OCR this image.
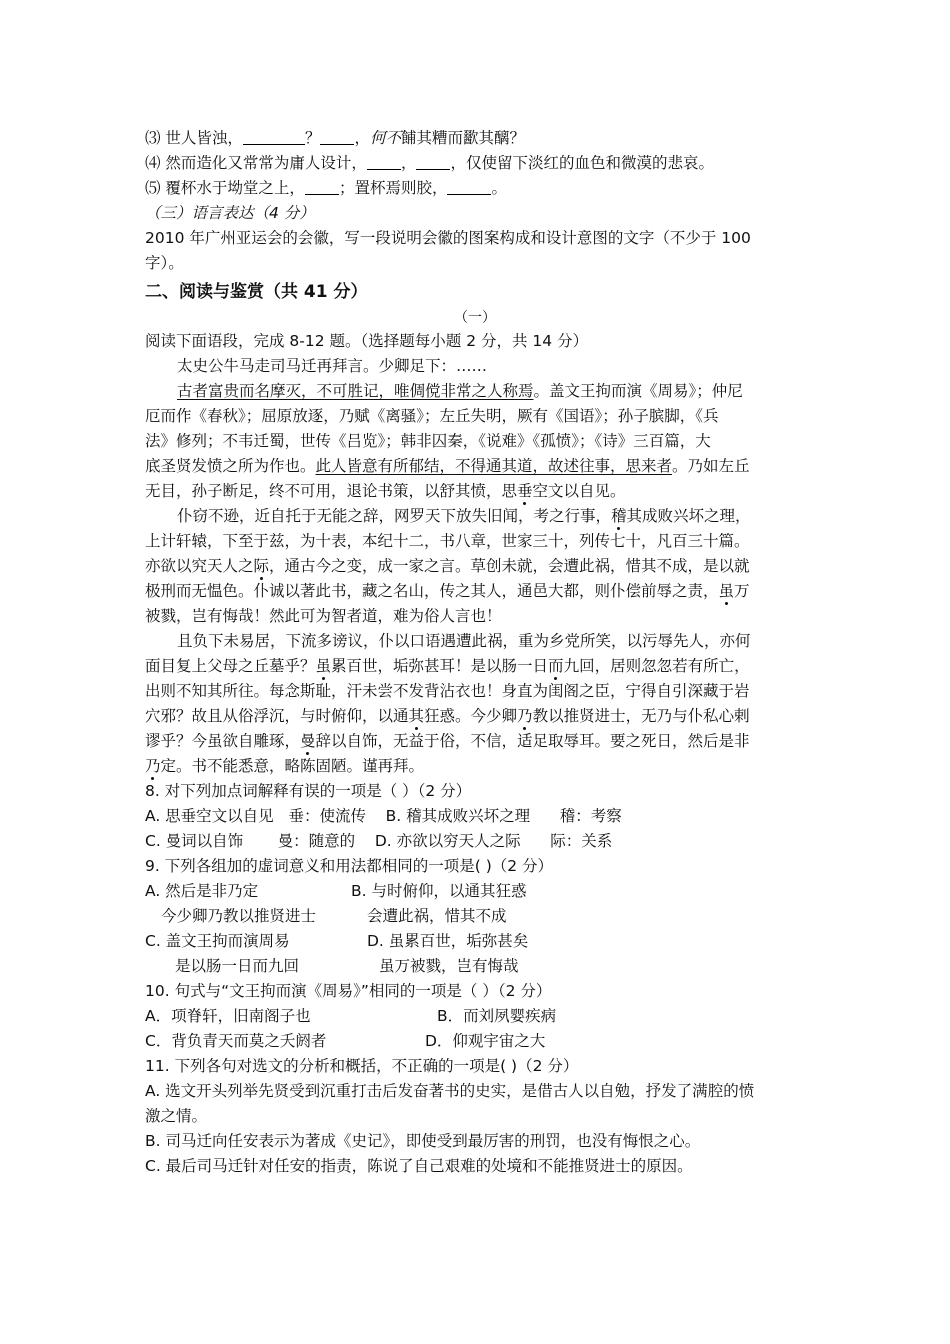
⑶ 世人皆浊，	？ ，何不餔其糟而歠其醨？
⑷ 然而造化又常常为庸人设计， ， ，仅使留下淡红的血色和微漠的悲哀。
⑸ 覆杯水于坳堂之上， ；置杯焉则胶，	。
（三）语言表达（4 分）
2010 年广州亚运会的会徽，写一段说明会徽的图案构成和设计意图的文字（不少于 100
字）。
二、阅读与鉴赏（共 41 分）
（一）
阅读下面语段，完成 8-12 题。（选择题每小题 2 分，共 14 分）
太史公牛马走司马迁再拜言。少卿足下：……
古者富贵而名摩灭，不可胜记，唯倜傥非常之人称焉。盖文王拘而演《周易》；仲尼
厄而作《春秋》；屈原放逐，乃赋《离骚》；左丘失明，厥有《国语》；孙子膑脚，《兵
法》修列；不韦迁蜀，世传《吕览》；韩非囚秦，《说难》《孤愤》；《诗》三百篇，大
底圣贤发愤之所为作也。此人皆意有所郁结，不得通其道，故述往事，思来者。乃如左丘
无目，孙子断足，终不可用，退论书策，以舒其愤，思垂空文以自见。
仆窃不逊，近自托于无能之辞，网罗天下放失旧闻，考之行事，稽其成败兴坏之理，
上计轩辕，下至于兹，为十表，本纪十二，书八章，世家三十，列传七十，凡百三十篇。
亦欲以究天人之际，通古今之变，成一家之言。草创未就，会遭此祸，惜其不成，是以就
极刑而无愠色。仆诚以著此书，藏之名山，传之其人，通邑大都，则仆偿前辱之责，虽万
被戮，岂有悔哉！然此可为智者道，难为俗人言也！
且负下未易居，下流多谤议，仆以口语遇遭此祸，重为乡党所笑，以污辱先人，亦何
面目复上父母之丘墓乎？虽累百世，垢弥甚耳！是以肠一日而九回，居则忽忽若有所亡，
出则不知其所往。每念斯耻，汗未尝不发背沾衣也！身直为闺阁之臣，宁得自引深藏于岩
穴邪？故且从俗浮沉，与时俯仰，以通其狂惑。今少卿乃教以推贤进士，无乃与仆私心剌
谬乎？今虽欲自雕琢，曼辞以自饰，无益于俗，不信，适足取辱耳。要之死日，然后是非
乃定。书不能悉意，略陈固陋。谨再拜。
8. 对下列加点词解释有误的一项是（ ）（2 分）
A. 思垂空文以自见   垂：使流传    B. 稽其成败兴坏之理      稽：考察
C. 曼词以自饰       曼：随意的    D. 亦欲以穷天人之际      际：关系
9. 下列各组加的虚词意义和用法都相同的一项是( )（2 分）
A. 然后是非乃定	B. 与时俯仰，以通其狂惑
今少卿乃教以推贤进士	会遭此祸，惜其不成
C. 盖文王拘而演周易	D. 虽累百世，垢弥甚矣
是以肠一日而九回	虽万被戮，岂有悔哉
10. 句式与“文王拘而演《周易》”相同的一项是（ ）（2 分）
A．项脊轩，旧南阁子也	B．而刘夙婴疾病
C．背负青天而莫之夭阏者	D．仰观宇宙之大
11. 下列各句对选文的分析和概括，不正确的一项是( )（2 分）
A. 选文开头列举先贤受到沉重打击后发奋著书的史实，是借古人以自勉，抒发了满腔的愤
激之情。
B. 司马迁向任安表示为著成《史记》，即使受到最厉害的刑罚，也没有悔恨之心。
C. 最后司马迁针对任安的指责，陈说了自己艰难的处境和不能推贤进士的原因。
